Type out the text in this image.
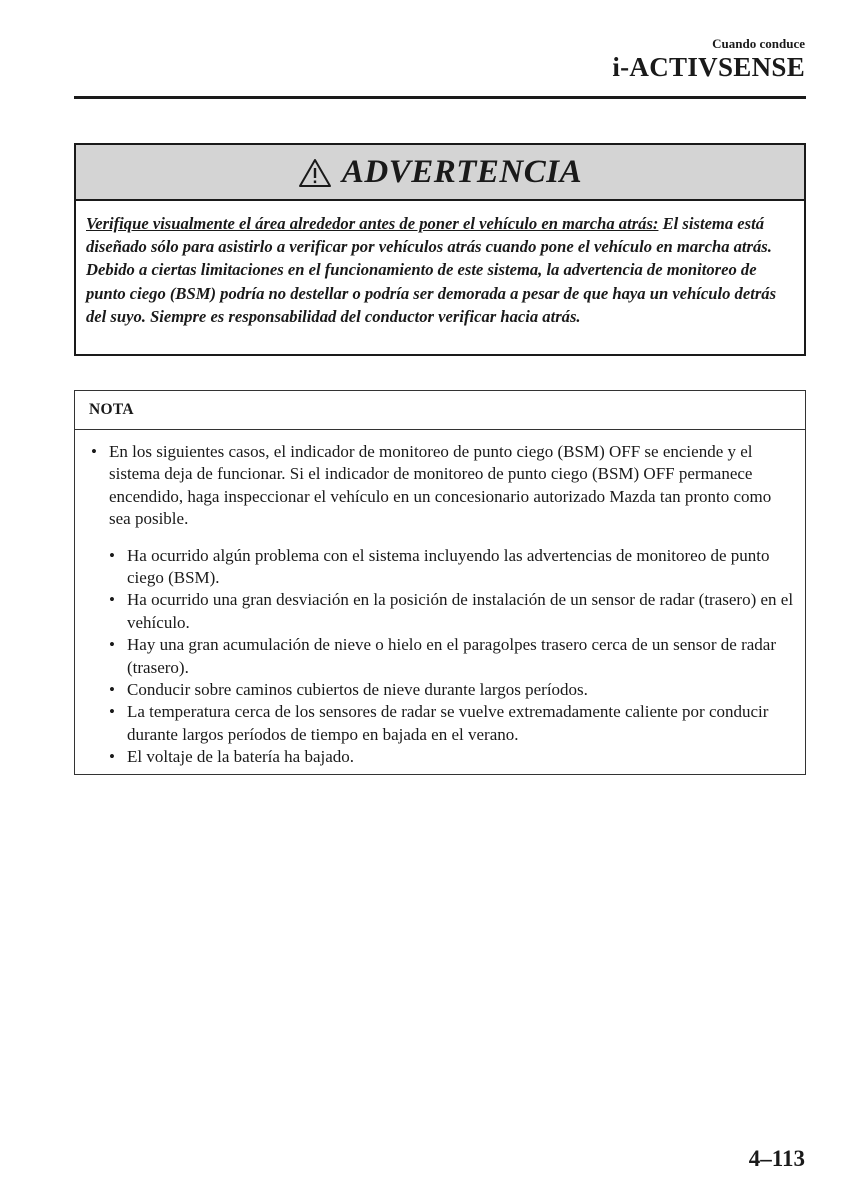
Cuando conduce
i-ACTIVSENSE
ADVERTENCIA
Verifique visualmente el área alrededor antes de poner el vehículo en marcha atrás: El sistema está diseñado sólo para asistirlo a verificar por vehículos atrás cuando pone el vehículo en marcha atrás. Debido a ciertas limitaciones en el funcionamiento de este sistema, la advertencia de monitoreo de punto ciego (BSM) podría no destellar o podría ser demorada a pesar de que haya un vehículo detrás del suyo. Siempre es responsabilidad del conductor verificar hacia atrás.
NOTA
• En los siguientes casos, el indicador de monitoreo de punto ciego (BSM) OFF se enciende y el sistema deja de funcionar. Si el indicador de monitoreo de punto ciego (BSM) OFF permanece encendido, haga inspeccionar el vehículo en un concesionario autorizado Mazda tan pronto como sea posible.
• Ha ocurrido algún problema con el sistema incluyendo las advertencias de monitoreo de punto ciego (BSM).
• Ha ocurrido una gran desviación en la posición de instalación de un sensor de radar (trasero) en el vehículo.
• Hay una gran acumulación de nieve o hielo en el paragolpes trasero cerca de un sensor de radar (trasero).
• Conducir sobre caminos cubiertos de nieve durante largos períodos.
• La temperatura cerca de los sensores de radar se vuelve extremadamente caliente por conducir durante largos períodos de tiempo en bajada en el verano.
• El voltaje de la batería ha bajado.
4–113
